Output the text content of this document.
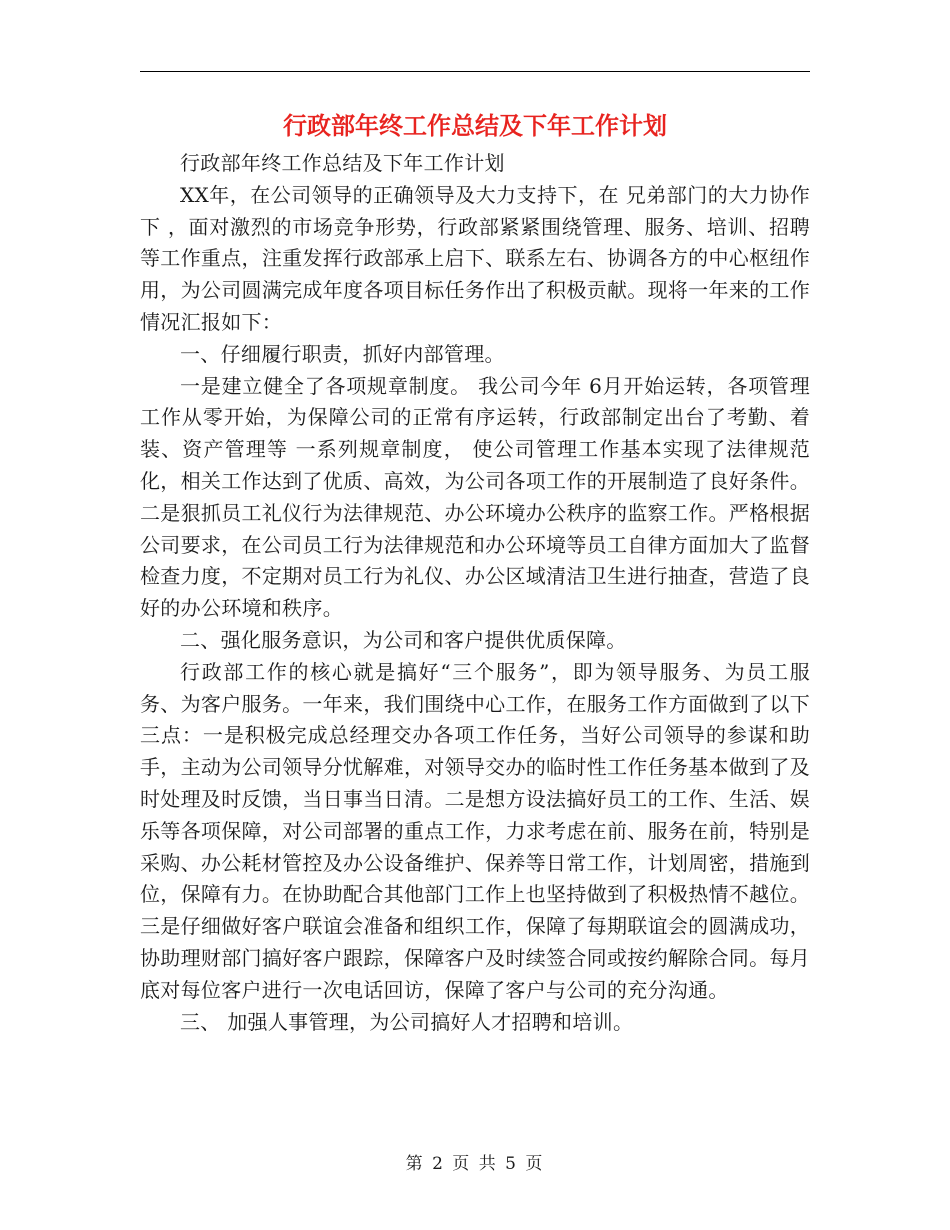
行政部年终工作总结及下年工作计划

行政部年终工作总结及下年工作计划

XX年，在公司领导的正确领导及大力支持下，在 兄弟部门的大力协作下 ，面对激烈的市场竞争形势，行政部紧紧围绕管理、服务、培训、招聘等工作重点，注重发挥行政部承上启下、联系左右、协调各方的中心枢纽作用，为公司圆满完成年度各项目标任务作出了积极贡献。现将一年来的工作情况汇报如下：

一、仔细履行职责，抓好内部管理。

一是建立健全了各项规章制度。 我公司今年 6月开始运转，各项管理工作从零开始，为保障公司的正常有序运转，行政部制定出台了考勤、着装、资产管理等 一系列规章制度， 使公司管理工作基本实现了法律规范化，相关工作达到了优质、高效，为公司各项工作的开展制造了良好条件。二是狠抓员工礼仪行为法律规范、办公环境办公秩序的监察工作。严格根据公司要求，在公司员工行为法律规范和办公环境等员工自律方面加大了监督检查力度，不定期对员工行为礼仪、办公区域清洁卫生进行抽查，营造了良好的办公环境和秩序。

二、强化服务意识，为公司和客户提供优质保障。

行政部工作的核心就是搞好“三个服务”，即为领导服务、为员工服务、为客户服务。一年来，我们围绕中心工作，在服务工作方面做到了以下三点：一是积极完成总经理交办各项工作任务，当好公司领导的参谋和助手，主动为公司领导分忧解难，对领导交办的临时性工作任务基本做到了及时处理及时反馈，当日事当日清。二是想方设法搞好员工的工作、生活、娱乐等各项保障，对公司部署的重点工作，力求考虑在前、服务在前，特别是采购、办公耗材管控及办公设备维护、保养等日常工作，计划周密，措施到位，保障有力。在协助配合其他部门工作上也坚持做到了积极热情不越位。三是仔细做好客户联谊会准备和组织工作，保障了每期联谊会的圆满成功，协助理财部门搞好客户跟踪，保障客户及时续签合同或按约解除合同。每月底对每位客户进行一次电话回访，保障了客户与公司的充分沟通。

三、 加强人事管理，为公司搞好人才招聘和培训。

第 2 页 共 5 页
